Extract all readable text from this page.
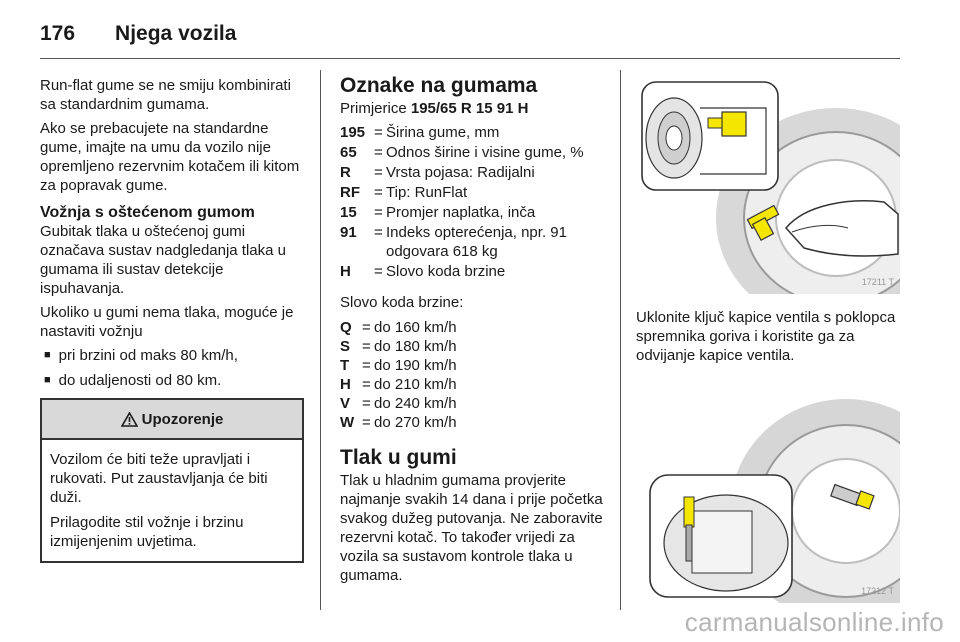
176 Njega vozila

Run-flat gume se ne smiju kombinirati sa standardnim gumama.

Ako se prebacujete na standardne gume, imajte na umu da vozilo nije opremljeno rezervnim kotačem ili kitom za popravak gume.

Vožnja s oštećenom gumom

Gubitak tlaka u oštećenoj gumi označava sustav nadgledanja tlaka u gumama ili sustav detekcije ispuhavanja.

Ukoliko u gumi nema tlaka, moguće je nastaviti vožnju

■ pri brzini od maks 80 km/h,
■ do udaljenosti od 80 km.
Upozorenje

Vozilom će biti teže upravljati i rukovati. Put zaustavljanja će biti duži.

Prilagodite stil vožnje i brzinu izmijenjenim uvjetima.

Oznake na gumama

Primjerice 195/65 R 15 91 H

195 = Širina gume, mm
65	= Odnos širine i visine gume, %
R	= Vrsta pojasa: Radijalni
RF = Tip: RunFlat
15	= Promjer naplatka, inča
91	= Indeks opterećenja, npr. 91 odgovara 618 kg
H	= Slovo koda brzine

Slovo koda brzine:

Q = do 160 km/h
S = do 180 km/h
T = do 190 km/h
H = do 210 km/h
V = do 240 km/h
W = do 270 km/h
Tlak u gumi

Tlak u hladnim gumama provjerite najmanje svakih 14 dana i prije početka svakog dužeg putovanja. Ne zaboravite rezervni kotač. To također vrijedi za vozila sa sustavom kontrole tlaka u gumama.

17211 T

Uklonite ključ kapice ventila s poklopca spremnika goriva i koristite ga za odvijanje kapice ventila.

17212 T
carmanualsonline.info
